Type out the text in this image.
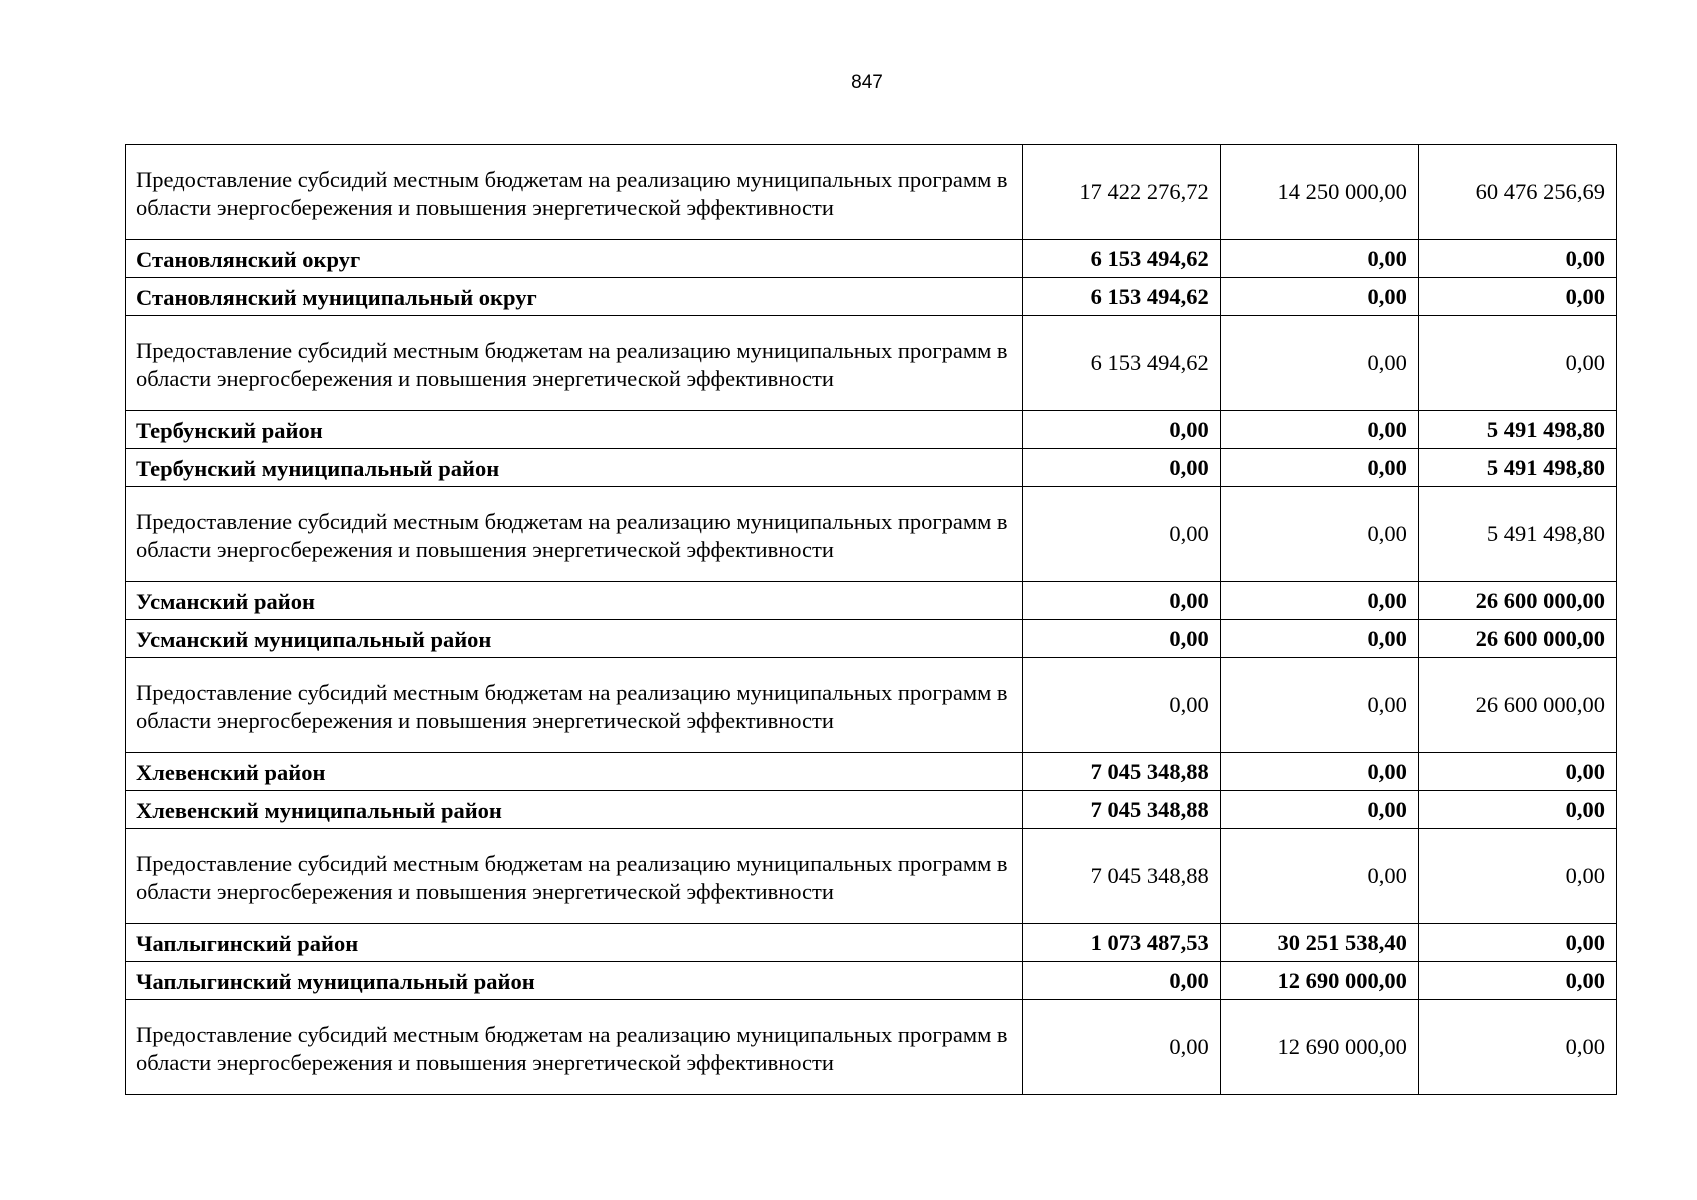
847
Предоставление субсидий местным бюджетам на реализацию муниципальных программ в области энергосбережения и повышения энергетической эффективности	17 422 276,72	14 250 000,00	60 476 256,69
Становлянский округ	6 153 494,62	0,00	0,00
Становлянский муниципальный округ	6 153 494,62	0,00	0,00
Предоставление субсидий местным бюджетам на реализацию муниципальных программ в области энергосбережения и повышения энергетической эффективности	6 153 494,62	0,00	0,00
Тербунский район	0,00	0,00	5 491 498,80
Тербунский муниципальный район	0,00	0,00	5 491 498,80
Предоставление субсидий местным бюджетам на реализацию муниципальных программ в области энергосбережения и повышения энергетической эффективности	0,00	0,00	5 491 498,80
Усманский район	0,00	0,00	26 600 000,00
Усманский муниципальный район	0,00	0,00	26 600 000,00
Предоставление субсидий местным бюджетам на реализацию муниципальных программ в области энергосбережения и повышения энергетической эффективности	0,00	0,00	26 600 000,00
Хлевенский район	7 045 348,88	0,00	0,00
Хлевенский муниципальный район	7 045 348,88	0,00	0,00
Предоставление субсидий местным бюджетам на реализацию муниципальных программ в области энергосбережения и повышения энергетической эффективности	7 045 348,88	0,00	0,00
Чаплыгинский район	1 073 487,53	30 251 538,40	0,00
Чаплыгинский муниципальный район	0,00	12 690 000,00	0,00
Предоставление субсидий местным бюджетам на реализацию муниципальных программ в области энергосбережения и повышения энергетической эффективности	0,00	12 690 000,00	0,00
